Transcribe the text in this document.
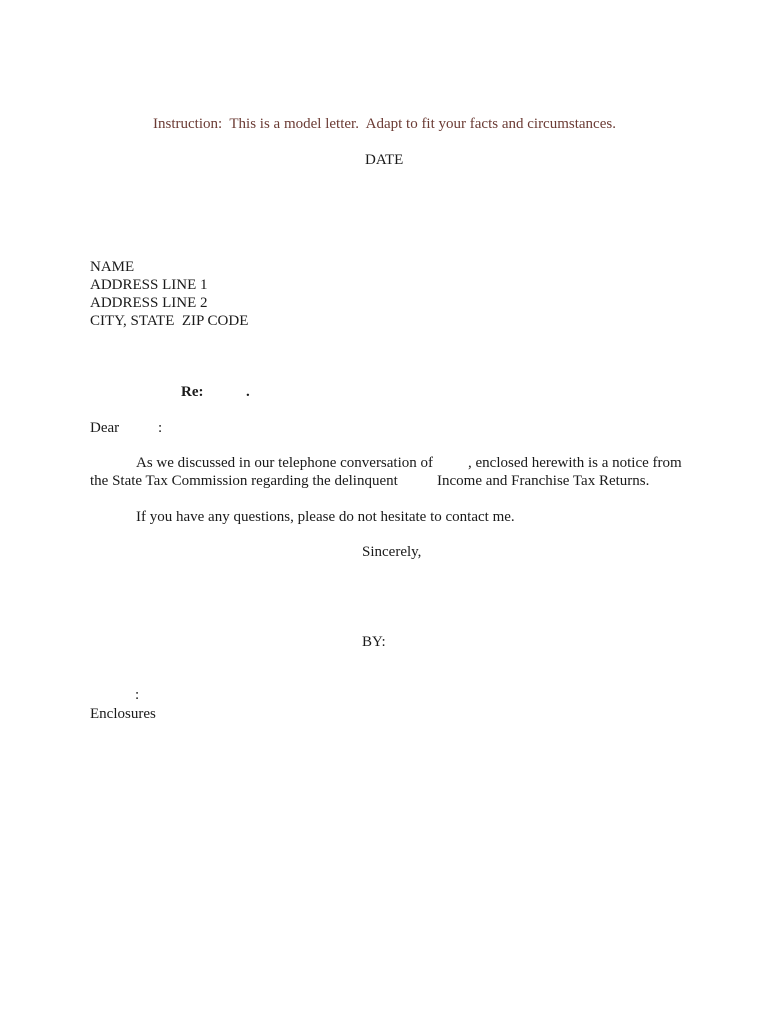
Instruction:  This is a model letter.  Adapt to fit your facts and circumstances.
DATE
NAME
ADDRESS LINE 1
ADDRESS LINE 2
CITY, STATE  ZIP CODE
Re:	.
Dear	:
As we discussed in our telephone conversation of , enclosed herewith is a notice from
the State Tax Commission regarding the delinquent	Income and Franchise Tax Returns.
If you have any questions, please do not hesitate to contact me.
Sincerely,
BY:
:
Enclosures
